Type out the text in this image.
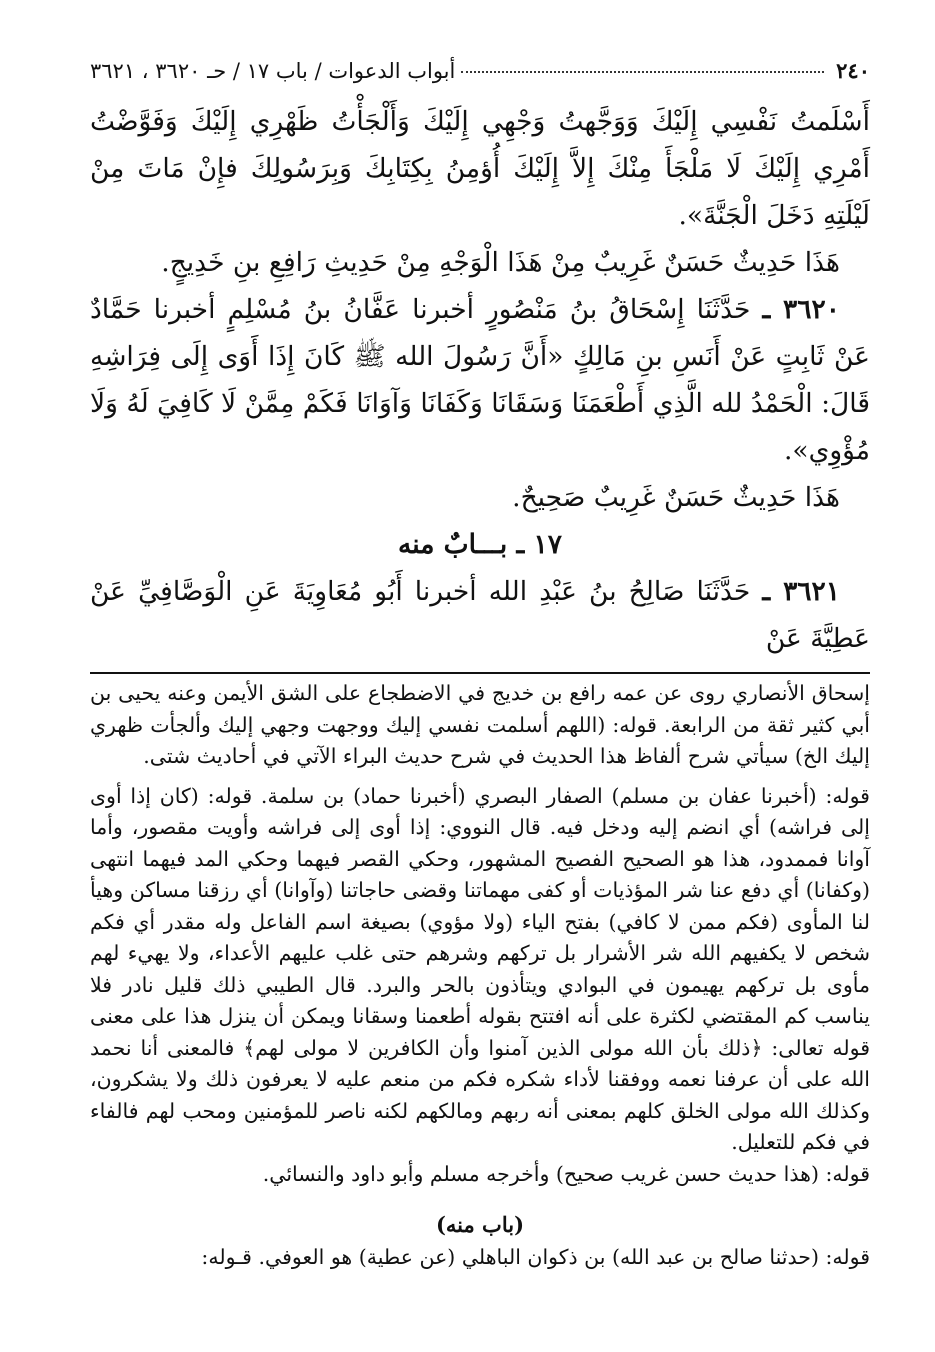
٢٤٠
أبواب الدعوات / باب ١٧ / حـ ٣٦٢٠ ، ٣٦٢١

أَسْلَمتُ نَفْسِي إِلَيْكَ وَوَجَّهتُ وَجْهِي إِلَيْكَ وَأَلْجَأْتُ ظَهْرِي إِلَيْكَ وَفَوَّضْتُ أَمْرِي إِلَيْكَ لَا مَلْجَأَ مِنْكَ إِلاَّ إِلَيْكَ أُؤمِنُ بِكِتَابِكَ وَبِرَسُولِكَ فإِنْ مَاتَ مِنْ لَيْلَتِهِ دَخَلَ الْجَنَّةَ».

هَذَا حَدِيثٌ حَسَنٌ غَرِيبٌ مِنْ هَذَا الْوَجْهِ مِنْ حَدِيثِ رَافِعِ بنِ خَدِيجٍ.

٣٦٢٠ ـ حَدَّثَنَا إِسْحَاقُ بنُ مَنْصُورٍ أخبرنا عَفَّانُ بنُ مُسْلِمٍ أخبرنا حَمَّادٌ عَنْ ثَابِتٍ عَنْ أَنَسِ بنِ مَالِكٍ «أَنَّ رَسُولَ الله ﷺ كَانَ إِذَا أَوَى إِلَى فِرَاشِهِ قَالَ: الْحَمْدُ لله الَّذِي أَطْعَمَنَا وَسَقَانَا وَكَفَانَا وَآوَانَا فَكَمْ مِمَّنْ لَا كَافِيَ لَهُ وَلَا مُؤْوِي».

هَذَا حَدِيثٌ حَسَنٌ غَرِيبٌ صَحِيحٌ.

١٧ ـ بـــابٌ منه

٣٦٢١ ـ حَدَّثَنَا صَالِحُ بنُ عَبْدِ الله أخبرنا أَبُو مُعَاوِيَةَ عَنِ الْوَصَّافِيِّ عَنْ عَطِيَّةَ عَنْ

إسحاق الأنصاري روى عن عمه رافع بن خديج في الاضطجاع على الشق الأيمن وعنه يحيى بن أبي كثير ثقة من الرابعة. قوله: (اللهم أسلمت نفسي إليك ووجهت وجهي إليك وألجأت ظهري إليك الخ) سيأتي شرح ألفاظ هذا الحديث في شرح حديث البراء الآتي في أحاديث شتى.

قوله: (أخبرنا عفان بن مسلم) الصفار البصري (أخبرنا حماد) بن سلمة. قوله: (كان إذا أوى إلى فراشه) أي انضم إليه ودخل فيه. قال النووي: إذا أوى إلى فراشه وأويت مقصور، وأما آوانا فممدود، هذا هو الصحيح الفصيح المشهور، وحكي القصر فيهما وحكي المد فيهما انتهى (وكفانا) أي دفع عنا شر المؤذيات أو كفى مهماتنا وقضى حاجاتنا (وآوانا) أي رزقنا مساكن وهيأ لنا المأوى (فكم ممن لا كافي) بفتح الياء (ولا مؤوي) بصيغة اسم الفاعل وله مقدر أي فكم شخص لا يكفيهم الله شر الأشرار بل تركهم وشرهم حتى غلب عليهم الأعداء، ولا يهيء لهم مأوى بل تركهم يهيمون في البوادي ويتأذون بالحر والبرد. قال الطيبي ذلك قليل نادر فلا يناسب كم المقتضي لكثرة على أنه افتتح بقوله أطعمنا وسقانا ويمكن أن ينزل هذا على معنى قوله تعالى: ﴿ذلك بأن الله مولى الذين آمنوا وأن الكافرين لا مولى لهم﴾ فالمعنى أنا نحمد الله على أن عرفنا نعمه ووفقنا لأداء شكره فكم من منعم عليه لا يعرفون ذلك ولا يشكرون، وكذلك الله مولى الخلق كلهم بمعنى أنه ربهم ومالكهم لكنه ناصر للمؤمنين ومحب لهم فالفاء في فكم للتعليل.

قوله: (هذا حديث حسن غريب صحيح) وأخرجه مسلم وأبو داود والنسائي.

(باب منه)

قوله: (حدثنا صالح بن عبد الله) بن ذكوان الباهلي (عن عطية) هو العوفي. قـوله:
